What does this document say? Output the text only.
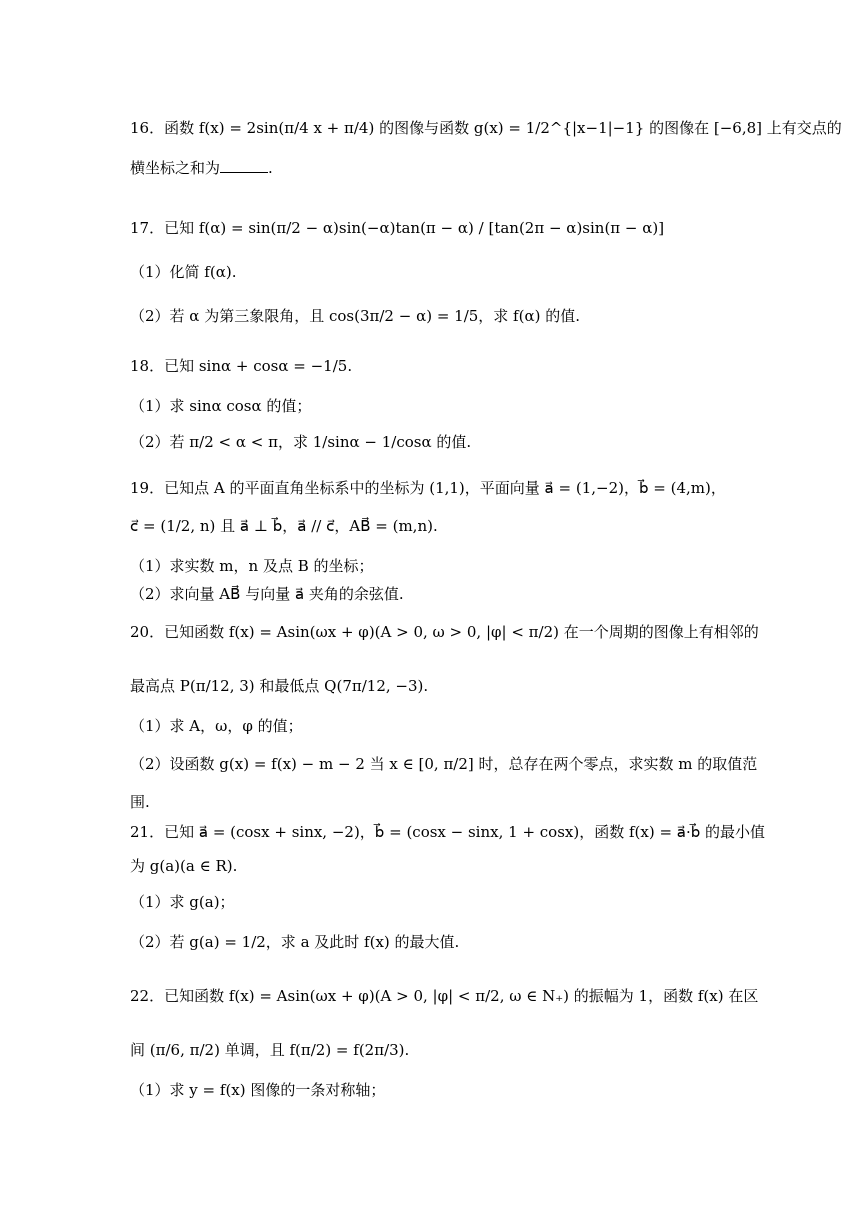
16．函数 f(x) = 2sin(π/4 x + π/4) 的图像与函数 g(x) = 1/2^{|x−1|−1} 的图像在 [−6,8] 上有交点的
横坐标之和为	.
17．已知 f(α) = sin(π/2 − α)sin(−α)tan(π − α) / [tan(2π − α)sin(π − α)]
（1）化简 f(α).
（2）若 α 为第三象限角，且 cos(3π/2 − α) = 1/5，求 f(α) 的值.
18．已知 sinα + cosα = −1/5.
（1）求 sinα cosα 的值；
（2）若 π/2 < α < π，求 1/sinα − 1/cosα 的值.
19．已知点 A 的平面直角坐标系中的坐标为 (1,1)，平面向量 a⃗ = (1,−2)，b⃗ = (4,m)，
c⃗ = (1/2, n) 且 a⃗ ⊥ b⃗，a⃗ // c⃗，AB⃗ = (m,n).
（1）求实数 m，n 及点 B 的坐标；
（2）求向量 AB⃗ 与向量 a⃗ 夹角的余弦值.
20．已知函数 f(x) = Asin(ωx + φ)(A > 0, ω > 0, |φ| < π/2) 在一个周期的图像上有相邻的
最高点 P(π/12, 3) 和最低点 Q(7π/12, −3).
（1）求 A，ω，φ 的值；
（2）设函数 g(x) = f(x) − m − 2 当 x ∈ [0, π/2] 时，总存在两个零点，求实数 m 的取值范
围.
21．已知 a⃗ = (cosx + sinx, −2)，b⃗ = (cosx − sinx, 1 + cosx)，函数 f(x) = a⃗·b⃗ 的最小值
为 g(a)(a ∈ R).
（1）求 g(a)；
（2）若 g(a) = 1/2，求 a 及此时 f(x) 的最大值.
22．已知函数 f(x) = Asin(ωx + φ)(A > 0, |φ| < π/2, ω ∈ N₊) 的振幅为 1，函数 f(x) 在区
间 (π/6, π/2) 单调，且 f(π/2) = f(2π/3).
（1）求 y = f(x) 图像的一条对称轴；
